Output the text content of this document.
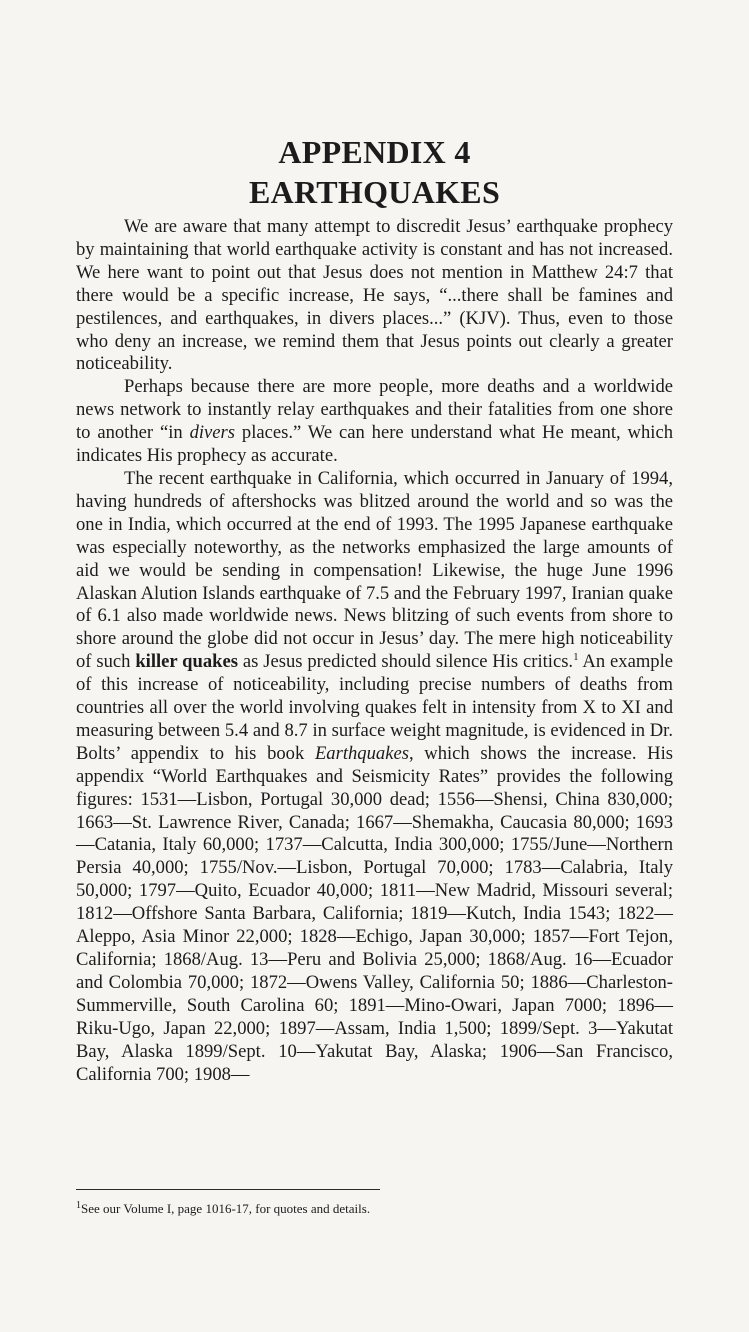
APPENDIX 4
EARTHQUAKES

We are aware that many attempt to discredit Jesus’ earthquake prophecy by maintaining that world earthquake activity is constant and has not increased. We here want to point out that Jesus does not mention in Matthew 24:7 that there would be a specific increase, He says, “...there shall be famines and pestilences, and earthquakes, in divers places...” (KJV). Thus, even to those who deny an increase, we remind them that Jesus points out clearly a greater noticeability.

Perhaps because there are more people, more deaths and a worldwide news network to instantly relay earthquakes and their fatalities from one shore to another “in divers places.” We can here understand what He meant, which indicates His prophecy as accurate.

The recent earthquake in California, which occurred in January of 1994, having hundreds of aftershocks was blitzed around the world and so was the one in India, which occurred at the end of 1993. The 1995 Japanese earthquake was especially noteworthy, as the networks emphasized the large amounts of aid we would be sending in compensation! Likewise, the huge June 1996 Alaskan Alution Islands earthquake of 7.5 and the February 1997, Iranian quake of 6.1 also made worldwide news. News blitzing of such events from shore to shore around the globe did not occur in Jesus’ day. The mere high noticeability of such killer quakes as Jesus predicted should silence His critics.$^1$ An example of this increase of noticeability, including precise numbers of deaths from countries all over the world involving quakes felt in intensity from X to XI and measuring between 5.4 and 8.7 in surface weight magnitude, is evidenced in Dr. Bolts’ appendix to his book Earthquakes, which shows the increase. His appendix “World Earthquakes and Seismicity Rates” provides the following figures: 1531—Lisbon, Portugal 30,000 dead; 1556—Shensi, China 830,000; 1663—St. Lawrence River, Canada; 1667—Shemakha, Caucasia 80,000; 1693—Catania, Italy 60,000; 1737—Calcutta, India 300,000; 1755/June—Northern Persia 40,000; 1755/Nov.—Lisbon, Portugal 70,000; 1783—Calabria, Italy 50,000; 1797—Quito, Ecuador 40,000; 1811—New Madrid, Missouri several; 1812—Offshore Santa Barbara, California; 1819—Kutch, India 1543; 1822—Aleppo, Asia Minor 22,000; 1828—Echigo, Japan 30,000; 1857—Fort Tejon, California; 1868/Aug. 13—Peru and Bolivia 25,000; 1868/Aug. 16—Ecuador and Colombia 70,000; 1872—Owens Valley, California 50; 1886—Charleston-Summerville, South Carolina 60; 1891—Mino-Owari, Japan 7000; 1896—Riku-Ugo, Japan 22,000; 1897—Assam, India 1,500; 1899/Sept. 3—Yakutat Bay, Alaska 1899/Sept. 10—Yakutat Bay, Alaska; 1906—San Francisco, California 700; 1908—

$^1$See our Volume I, page 1016-17, for quotes and details.
